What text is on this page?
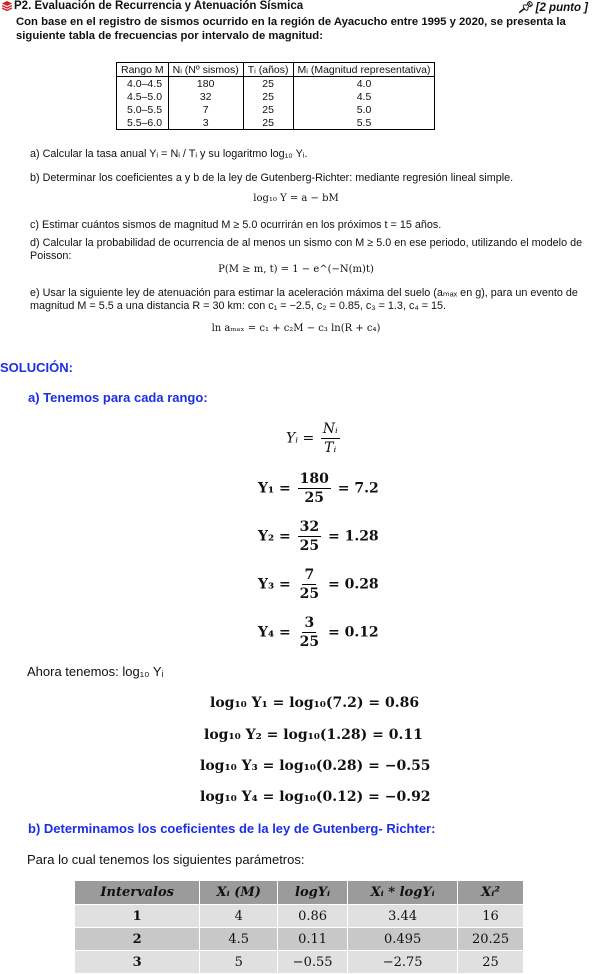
P2. Evaluación de Recurrencia y Atenuación Sísmica	📌︎ [2 punto ]
Con base en el registro de sismos ocurrido en la región de Ayacucho entre 1995 y 2020, se presenta la siguiente tabla de frecuencias por intervalo de magnitud:
Rango M	Nᵢ (Nº sismos)	Tᵢ (años)	Mᵢ (Magnitud representativa)
4.0–4.5	180	25	4.0
4.5–5.0	32	25	4.5
5.0–5.5	7	25	5.0
5.5–6.0	3	25	5.5
a) Calcular la tasa anual Yᵢ = Nᵢ / Tᵢ y su logaritmo log₁₀ Yᵢ.
b) Determinar los coeficientes a y b de la ley de Gutenberg-Richter: mediante regresión lineal simple.
log₁₀ Y = a − bM
c) Estimar cuántos sismos de magnitud M ≥ 5.0 ocurrirán en los próximos t = 15 años.
d) Calcular la probabilidad de ocurrencia de al menos un sismo con M ≥ 5.0 en ese periodo, utilizando el modelo de Poisson:
P(M ≥ m, t) = 1 − e^(−N(m)t)
e) Usar la siguiente ley de atenuación para estimar la aceleración máxima del suelo (aₘₐₓ en g), para un evento de magnitud M = 5.5 a una distancia R = 30 km: con c₁ = −2.5, c₂ = 0.85, c₃ = 1.3, c₄ = 15.
ln aₘₐₓ = c₁ + c₂M − c₃ ln(R + c₄)
SOLUCIÓN:
a) Tenemos para cada rango:
Yᵢ = $\frac{\text{Nᵢ}}{\text{Tᵢ}}$
$Y_1 = \frac{180}{25} = 7.2$
$Y_2 = \frac{32}{25} = 1.28$
$Y_3 = \frac{7}{25} = 0.28$
$Y_4 = \frac{3}{25} = 0.12$
Ahora tenemos: log₁₀ Yᵢ
log₁₀ Y₁ = log₁₀(7.2) = 0.86
log₁₀ Y₂ = log₁₀(1.28) = 0.11
log₁₀ Y₃ = log₁₀(0.28) = −0.55
log₁₀ Y₄ = log₁₀(0.12) = −0.92
b) Determinamos los coeficientes de la ley de Gutenberg- Richter:
Para lo cual tenemos los siguientes parámetros:
Intervalos	Xᵢ (M)	logYᵢ	Xᵢ * logYᵢ	Xᵢ²
1	4	0.86	3.44	16
2	4.5	0.11	0.495	20.25
3	5	−0.55	−2.75	25
